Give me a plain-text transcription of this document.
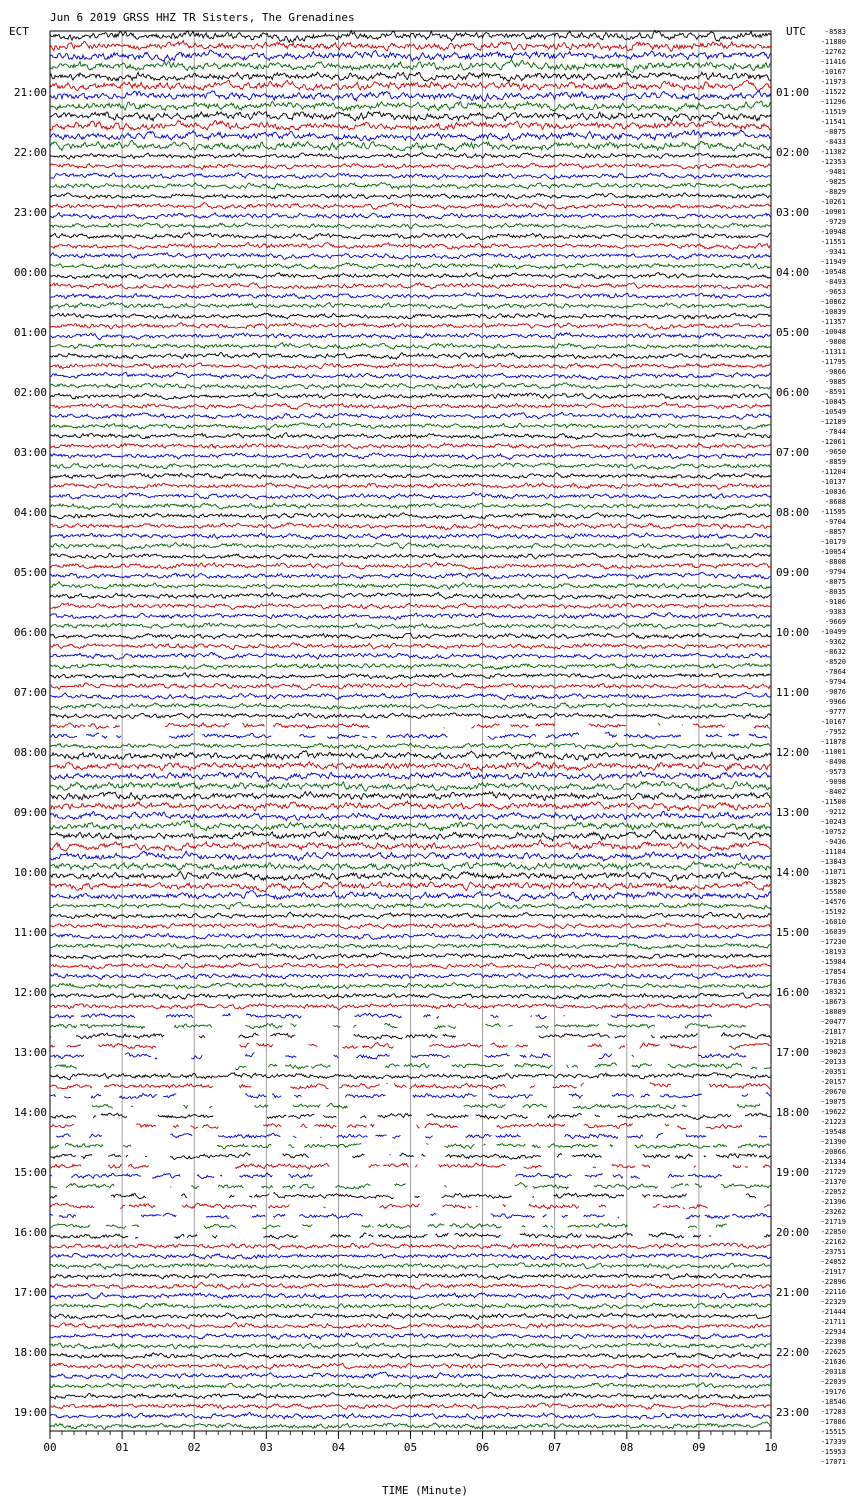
Jun 6 2019 GRSS HHZ TR Sisters, The Grenadines
ECT	UTC
21:00
22:00
23:00
00:00
01:00
02:00
03:00
04:00
05:00
06:00
07:00
08:00
09:00
10:00
11:00
12:00
13:00
14:00
15:00
16:00
17:00
18:00
19:00
01:00
02:00
03:00
04:00
05:00
06:00
07:00
08:00
09:00
10:00
11:00
12:00
13:00
14:00
15:00
16:00
17:00
18:00
19:00
20:00
21:00
22:00
23:00
-8583
-11880
-12762
-11416
-10167
-11973
-11522
-11296
-11519
-11541
-8875
-8433
-11382
-12353
-9481
-9825
-8829
-10261
-10901
-9729
-10948
-11551
-9341
-11949
-10548
-8493
-9653
-10862
-10839
-11357
-10048
-9808
-11311
-11795
-9866
-9885
-8591
-10845
-10549
-12189
-7844
-12061
-9650
-8859
-11204
-10137
-10036
-8688
-11595
-9704
-8857
-10179
-10054
-8808
-9794
-8075
-8035
-9186
-9383
-9669
-10499
-9362
-8632
-8520
-7864
-9794
-9076
-9966
-9777
-10167
-7952
-11878
-11001
-8498
-9573
-9098
-8402
-11508
-9212
-10243
-10752
-9436
-11184
-13843
-11071
-13825
-15580
-14576
-15192
-16010
-16039
-17230
-18193
-15984
-17854
-17836
-18321
-18673
-18089
-20477
-21817
-19218
-19023
-20133
-20351
-20157
-20670
-19075
-19622
-21223
-19548
-21390
-20866
-21334
-21729
-21370
-22052
-21396
-23262
-21719
-22850
-22162
-23751
-24052
-21917
-22896
-22116
-22329
-21444
-21711
-22934
-22398
-22625
-21636
-20318
-22039
-19176
-18546
-17283
-17886
-15515
-17339
-15953
-17071
00	01	02	03	04	05	06	07	08	09	10
TIME (Minute)
